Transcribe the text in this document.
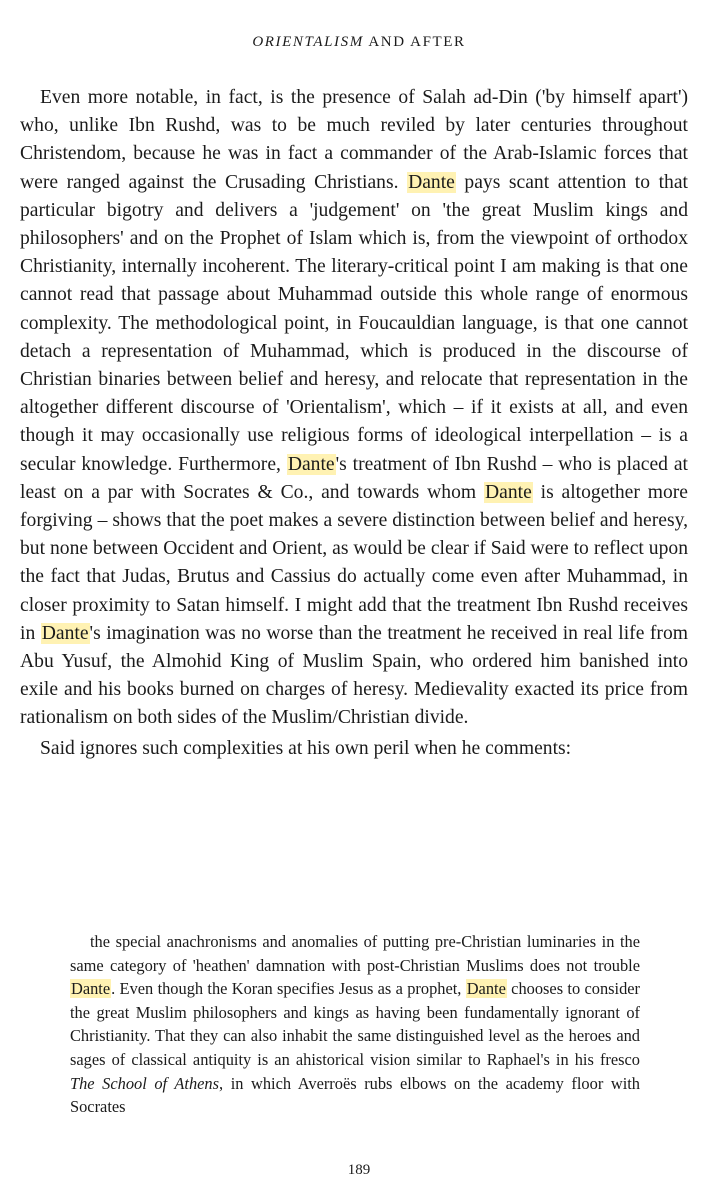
ORIENTALISM AND AFTER

Even more notable, in fact, is the presence of Salah ad-Din ('by himself apart') who, unlike Ibn Rushd, was to be much reviled by later centuries throughout Christendom, because he was in fact a commander of the Arab-Islamic forces that were ranged against the Crusading Christians. Dante pays scant attention to that particular bigotry and delivers a 'judgement' on 'the great Muslim kings and philosophers' and on the Prophet of Islam which is, from the viewpoint of orthodox Christianity, internally incoherent. The literary-critical point I am making is that one cannot read that passage about Muhammad outside this whole range of enormous complexity. The methodological point, in Foucauldian language, is that one cannot detach a representation of Muhammad, which is produced in the discourse of Christian binaries between belief and heresy, and relocate that representation in the altogether different discourse of 'Orientalism', which – if it exists at all, and even though it may occasionally use religious forms of ideological interpellation – is a secular knowledge. Furthermore, Dante's treatment of Ibn Rushd – who is placed at least on a par with Socrates & Co., and towards whom Dante is altogether more forgiving – shows that the poet makes a severe distinction between belief and heresy, but none between Occident and Orient, as would be clear if Said were to reflect upon the fact that Judas, Brutus and Cassius do actually come even after Muhammad, in closer proximity to Satan himself. I might add that the treatment Ibn Rushd receives in Dante's imagination was no worse than the treatment he received in real life from Abu Yusuf, the Almohid King of Muslim Spain, who ordered him banished into exile and his books burned on charges of heresy. Medievality exacted its price from rationalism on both sides of the Muslim/Christian divide.

Said ignores such complexities at his own peril when he comments:

the special anachronisms and anomalies of putting pre-Christian luminaries in the same category of 'heathen' damnation with post-Christian Muslims does not trouble Dante. Even though the Koran specifies Jesus as a prophet, Dante chooses to consider the great Muslim philosophers and kings as having been fundamentally ignorant of Christianity. That they can also inhabit the same distinguished level as the heroes and sages of classical antiquity is an ahistorical vision similar to Raphael's in his fresco The School of Athens, in which Averroës rubs elbows on the academy floor with Socrates

189
